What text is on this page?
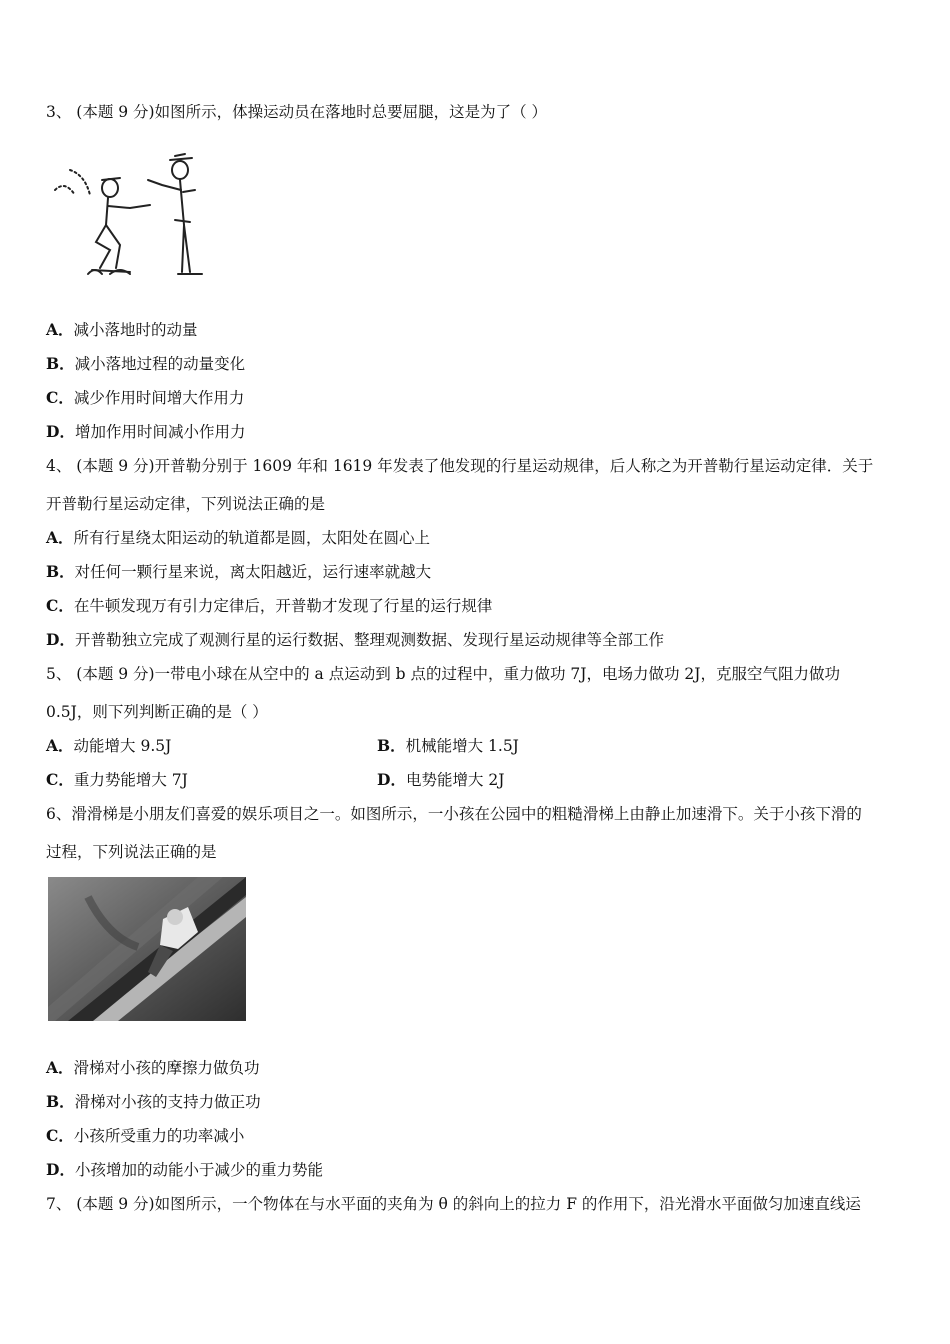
3、 (本题 9 分)如图所示，体操运动员在落地时总要屈腿，这是为了（ ）
A．减小落地时的动量
B．减小落地过程的动量变化
C．减少作用时间增大作用力
D．增加作用时间减小作用力
4、 (本题 9 分)开普勒分别于 1609 年和 1619 年发表了他发现的行星运动规律，后人称之为开普勒行星运动定律．关于
开普勒行星运动定律，下列说法正确的是
A．所有行星绕太阳运动的轨道都是圆，太阳处在圆心上
B．对任何一颗行星来说，离太阳越近，运行速率就越大
C．在牛顿发现万有引力定律后，开普勒才发现了行星的运行规律
D．开普勒独立完成了观测行星的运行数据、整理观测数据、发现行星运动规律等全部工作
5、 (本题 9 分)一带电小球在从空中的 a 点运动到 b 点的过程中，重力做功 7J，电场力做功 2J，克服空气阻力做功
0.5J，则下列判断正确的是（ ）
A．动能增大 9.5J	B．机械能增大 1.5J
C．重力势能增大 7J	D．电势能增大 2J
6、滑滑梯是小朋友们喜爱的娱乐项目之一。如图所示，一小孩在公园中的粗糙滑梯上由静止加速滑下。关于小孩下滑的
过程，下列说法正确的是
A．滑梯对小孩的摩擦力做负功
B．滑梯对小孩的支持力做正功
C．小孩所受重力的功率减小
D．小孩增加的动能小于减少的重力势能
7、 (本题 9 分)如图所示，一个物体在与水平面的夹角为 θ 的斜向上的拉力 F 的作用下，沿光滑水平面做匀加速直线运
